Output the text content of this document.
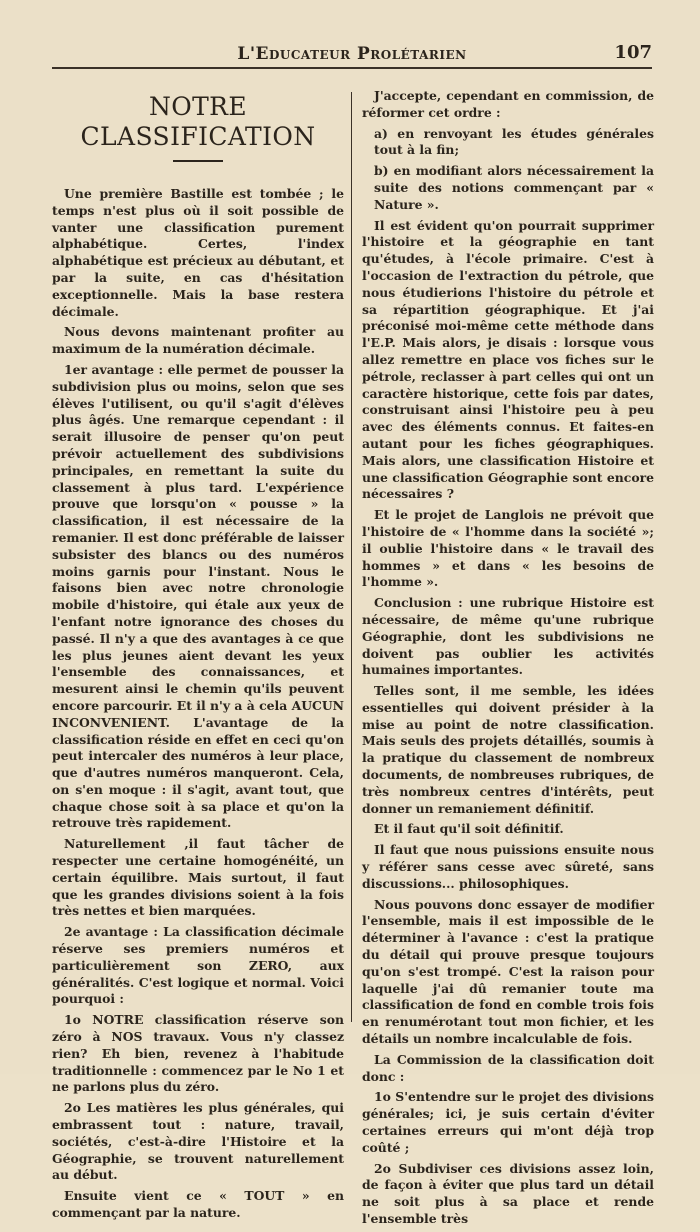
L'Educateur Prolétarien	107
NOTRE CLASSIFICATION

Une première Bastille est tombée ; le temps n'est plus où il soit possible de vanter une classification purement alphabétique. Certes, l'index alphabétique est précieux au débutant, et par la suite, en cas d'hésitation exceptionnelle. Mais la base restera décimale.

Nous devons maintenant profiter au maximum de la numération décimale.

1er avantage : elle permet de pousser la subdivision plus ou moins, selon que ses élèves l'utilisent, ou qu'il s'agit d'élèves plus âgés. Une remarque cependant : il serait illusoire de penser qu'on peut prévoir actuellement des subdivisions principales, en remettant la suite du classement à plus tard. L'expérience prouve que lorsqu'on « pousse » la classification, il est nécessaire de la remanier. Il est donc préférable de laisser subsister des blancs ou des numéros moins garnis pour l'instant. Nous le faisons bien avec notre chronologie mobile d'histoire, qui étale aux yeux de l'enfant notre ignorance des choses du passé. Il n'y a que des avantages à ce que les plus jeunes aient devant les yeux l'ensemble des connaissances, et mesurent ainsi le chemin qu'ils peuvent encore parcourir. Et il n'y a à cela AUCUN INCONVENIENT. L'avantage de la classification réside en effet en ceci qu'on peut intercaler des numéros à leur place, que d'autres numéros manqueront. Cela, on s'en moque : il s'agit, avant tout, que chaque chose soit à sa place et qu'on la retrouve très rapidement.

Naturellement ,il faut tâcher de respecter une certaine homogénéité, un certain équilibre. Mais surtout, il faut que les grandes divisions soient à la fois très nettes et bien marquées.

2e avantage : La classification décimale réserve ses premiers numéros et particulièrement son ZERO, aux généralités. C'est logique et normal. Voici pourquoi :

1o NOTRE classification réserve son zéro à NOS travaux. Vous n'y classez rien? Eh bien, revenez à l'habitude traditionnelle : commencez par le No 1 et ne parlons plus du zéro.

2o Les matières les plus générales, qui embrassent tout : nature, travail, sociétés, c'est-à-dire l'Histoire et la Géographie, se trouvent naturellement au début.

Ensuite vient ce « TOUT » en commençant par la nature.

J'accepte, cependant en commission, de réformer cet ordre :

a) en renvoyant les études générales tout à la fin;

b) en modifiant alors nécessairement la suite des notions commençant par « Nature ».

Il est évident qu'on pourrait supprimer l'histoire et la géographie en tant qu'études, à l'école primaire. C'est à l'occasion de l'extraction du pétrole, que nous étudierions l'histoire du pétrole et sa répartition géographique. Et j'ai préconisé moi-même cette méthode dans l'E.P. Mais alors, je disais : lorsque vous allez remettre en place vos fiches sur le pétrole, reclasser à part celles qui ont un caractère historique, cette fois par dates, construisant ainsi l'histoire peu à peu avec des éléments connus. Et faites-en autant pour les fiches géographiques. Mais alors, une classification Histoire et une classification Géographie sont encore nécessaires ?

Et le projet de Langlois ne prévoit que l'histoire de « l'homme dans la société »; il oublie l'histoire dans « le travail des hommes » et dans « les besoins de l'homme ».

Conclusion : une rubrique Histoire est nécessaire, de même qu'une rubrique Géographie, dont les subdivisions ne doivent pas oublier les activités humaines importantes.

Telles sont, il me semble, les idées essentielles qui doivent présider à la mise au point de notre classification. Mais seuls des projets détaillés, soumis à la pratique du classement de nombreux documents, de nombreuses rubriques, de très nombreux centres d'intérêts, peut donner un remaniement définitif.

Et il faut qu'il soit définitif.

Il faut que nous puissions ensuite nous y référer sans cesse avec sûreté, sans discussions... philosophiques.

Nous pouvons donc essayer de modifier l'ensemble, mais il est impossible de le déterminer à l'avance : c'est la pratique du détail qui prouve presque toujours qu'on s'est trompé. C'est la raison pour laquelle j'ai dû remanier toute ma classification de fond en comble trois fois en renumérotant tout mon fichier, et les détails un nombre incalculable de fois.

La Commission de la classification doit donc :

1o S'entendre sur le projet des divisions générales; ici, je suis certain d'éviter certaines erreurs qui m'ont déjà trop coûté ;

2o Subdiviser ces divisions assez loin, de façon à éviter que plus tard un détail ne soit plus à sa place et rende l'ensemble très
